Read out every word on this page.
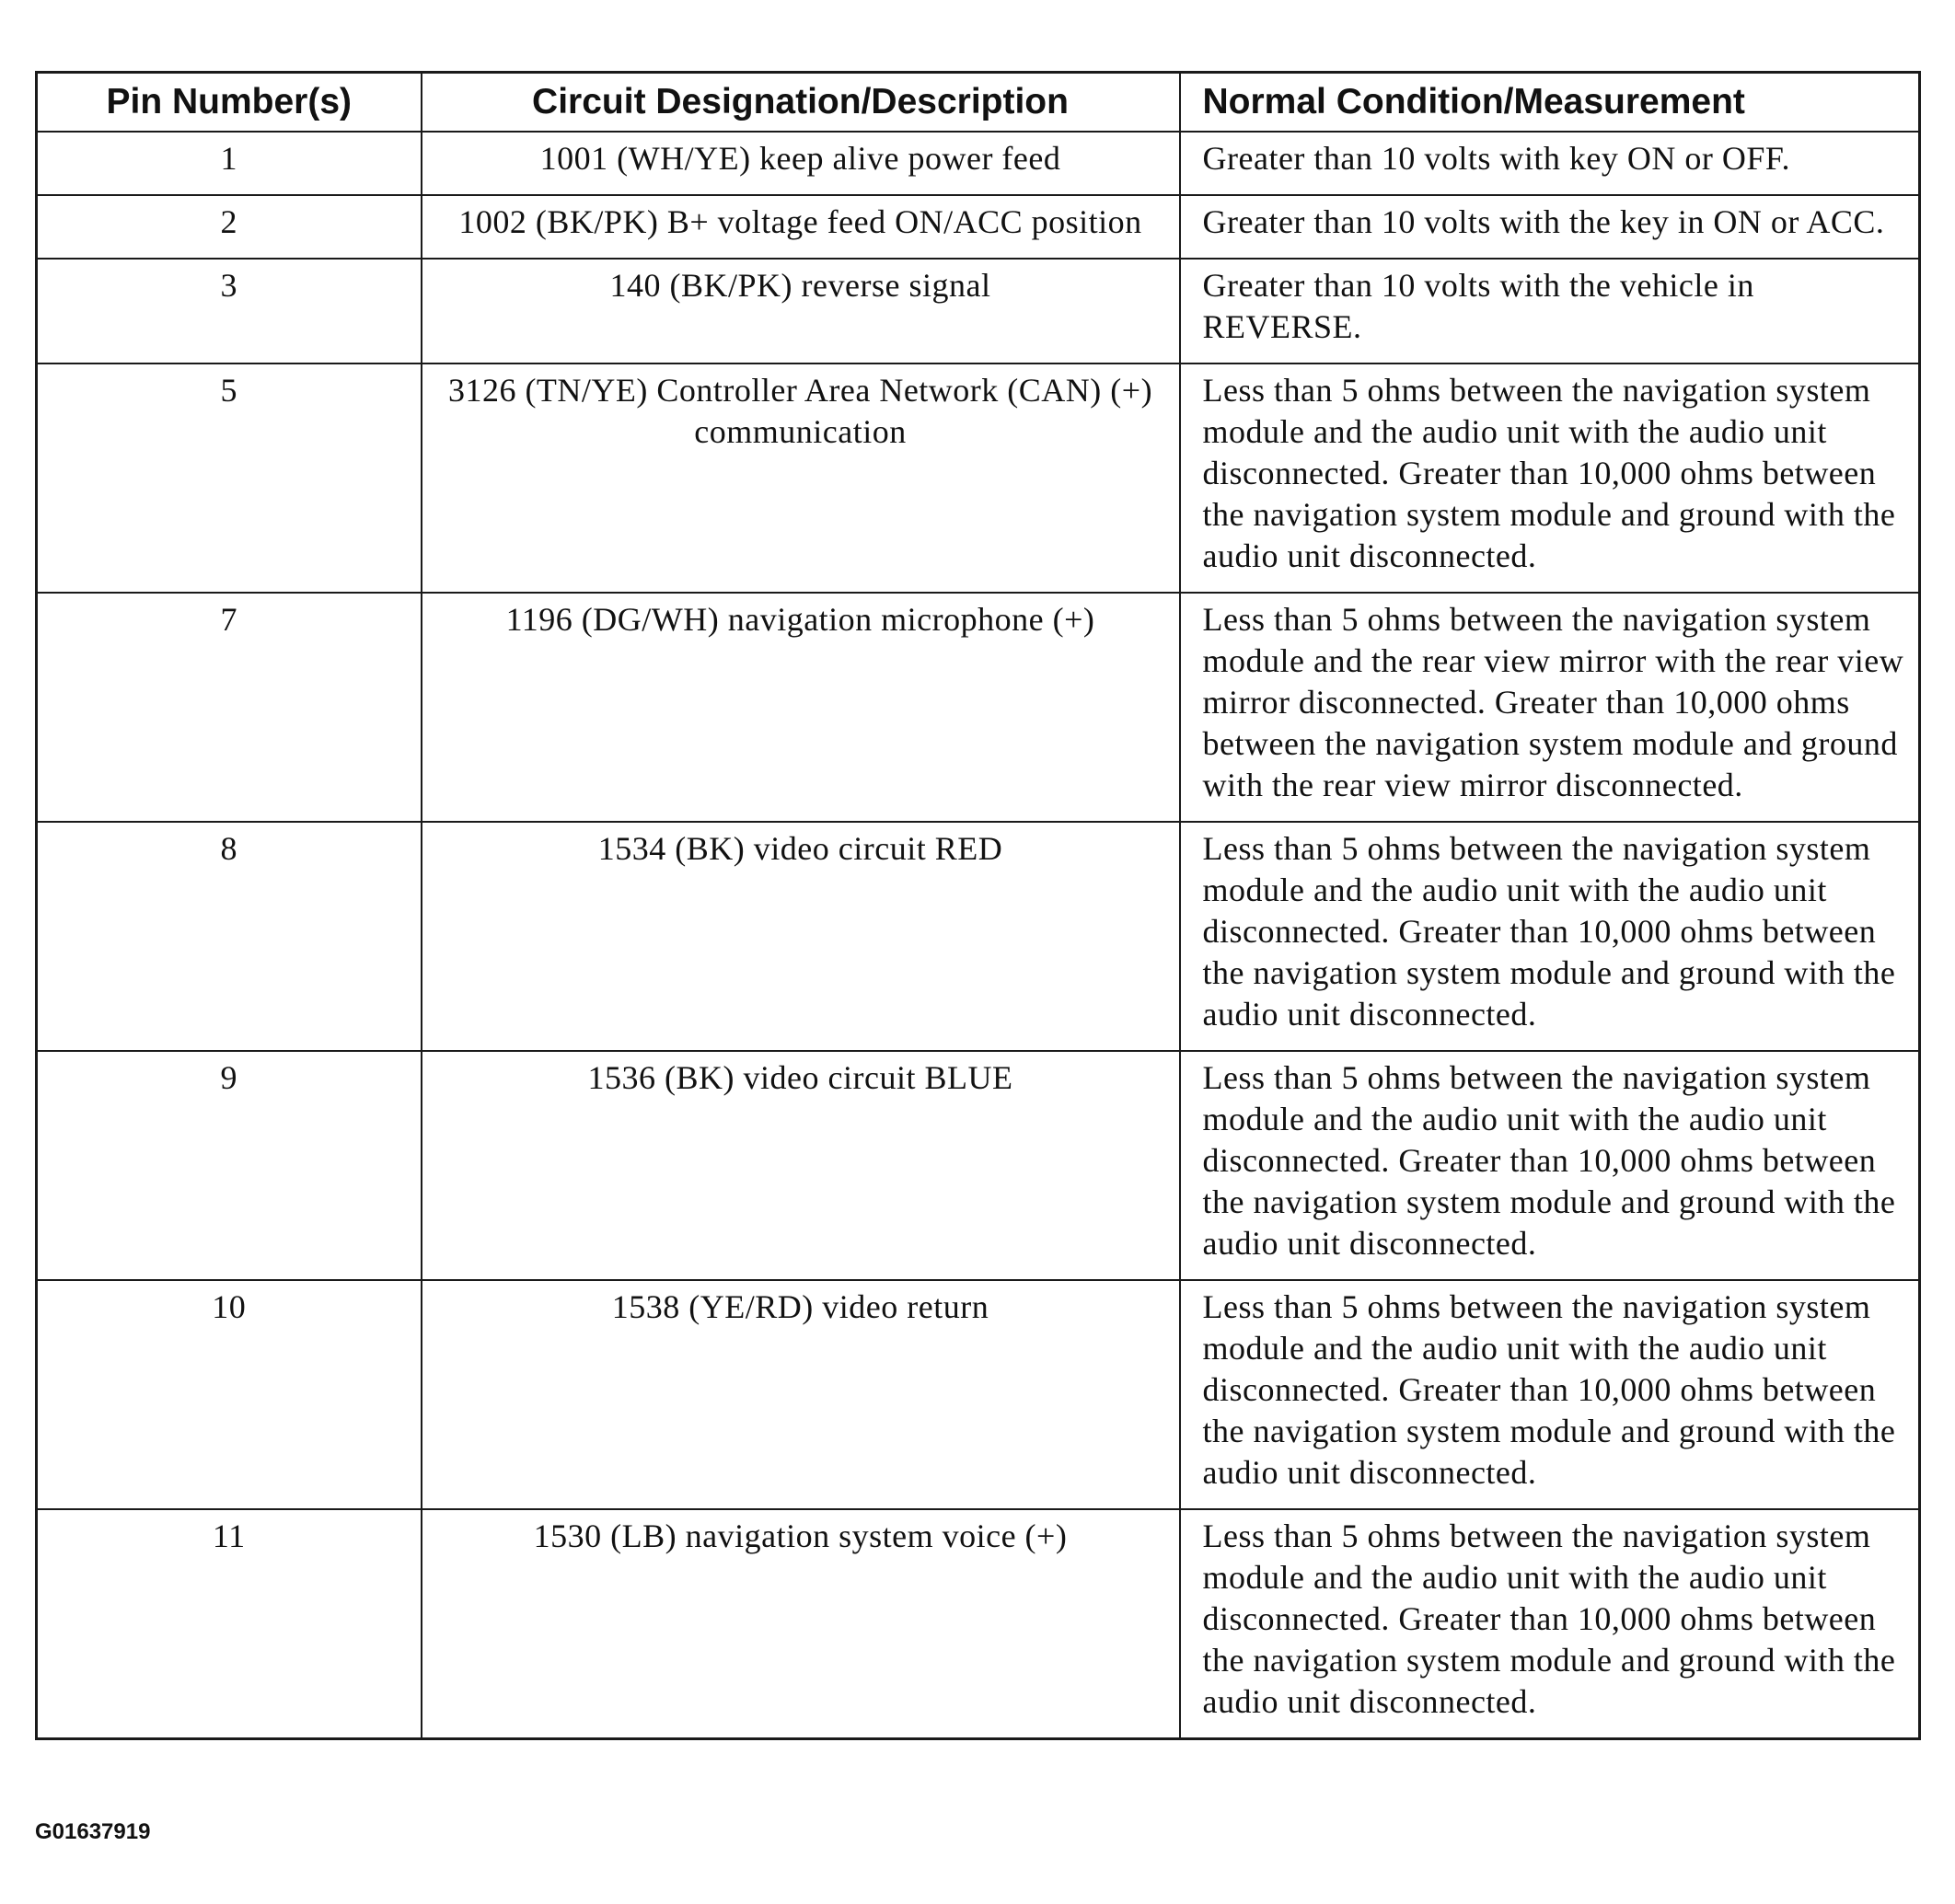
Pin Number(s)	Circuit Designation/Description	Normal Condition/Measurement
1	1001 (WH/YE) keep alive power feed	Greater than 10 volts with key ON or OFF.
2	1002 (BK/PK) B+ voltage feed ON/ACC position	Greater than 10 volts with the key in ON or ACC.
3	140 (BK/PK) reverse signal	Greater than 10 volts with the vehicle in REVERSE.
5	3126 (TN/YE) Controller Area Network (CAN) (+) communication	Less than 5 ohms between the navigation system module and the audio unit with the audio unit disconnected. Greater than 10,000 ohms between the navigation system module and ground with the audio unit disconnected.
7	1196 (DG/WH) navigation microphone (+)	Less than 5 ohms between the navigation system module and the rear view mirror with the rear view mirror disconnected. Greater than 10,000 ohms between the navigation system module and ground with the rear view mirror disconnected.
8	1534 (BK) video circuit RED	Less than 5 ohms between the navigation system module and the audio unit with the audio unit disconnected. Greater than 10,000 ohms between the navigation system module and ground with the audio unit disconnected.
9	1536 (BK) video circuit BLUE	Less than 5 ohms between the navigation system module and the audio unit with the audio unit disconnected. Greater than 10,000 ohms between the navigation system module and ground with the audio unit disconnected.
10	1538 (YE/RD) video return	Less than 5 ohms between the navigation system module and the audio unit with the audio unit disconnected. Greater than 10,000 ohms between the navigation system module and ground with the audio unit disconnected.
11	1530 (LB) navigation system voice (+)	Less than 5 ohms between the navigation system module and the audio unit with the audio unit disconnected. Greater than 10,000 ohms between the navigation system module and ground with the audio unit disconnected.
G01637919
